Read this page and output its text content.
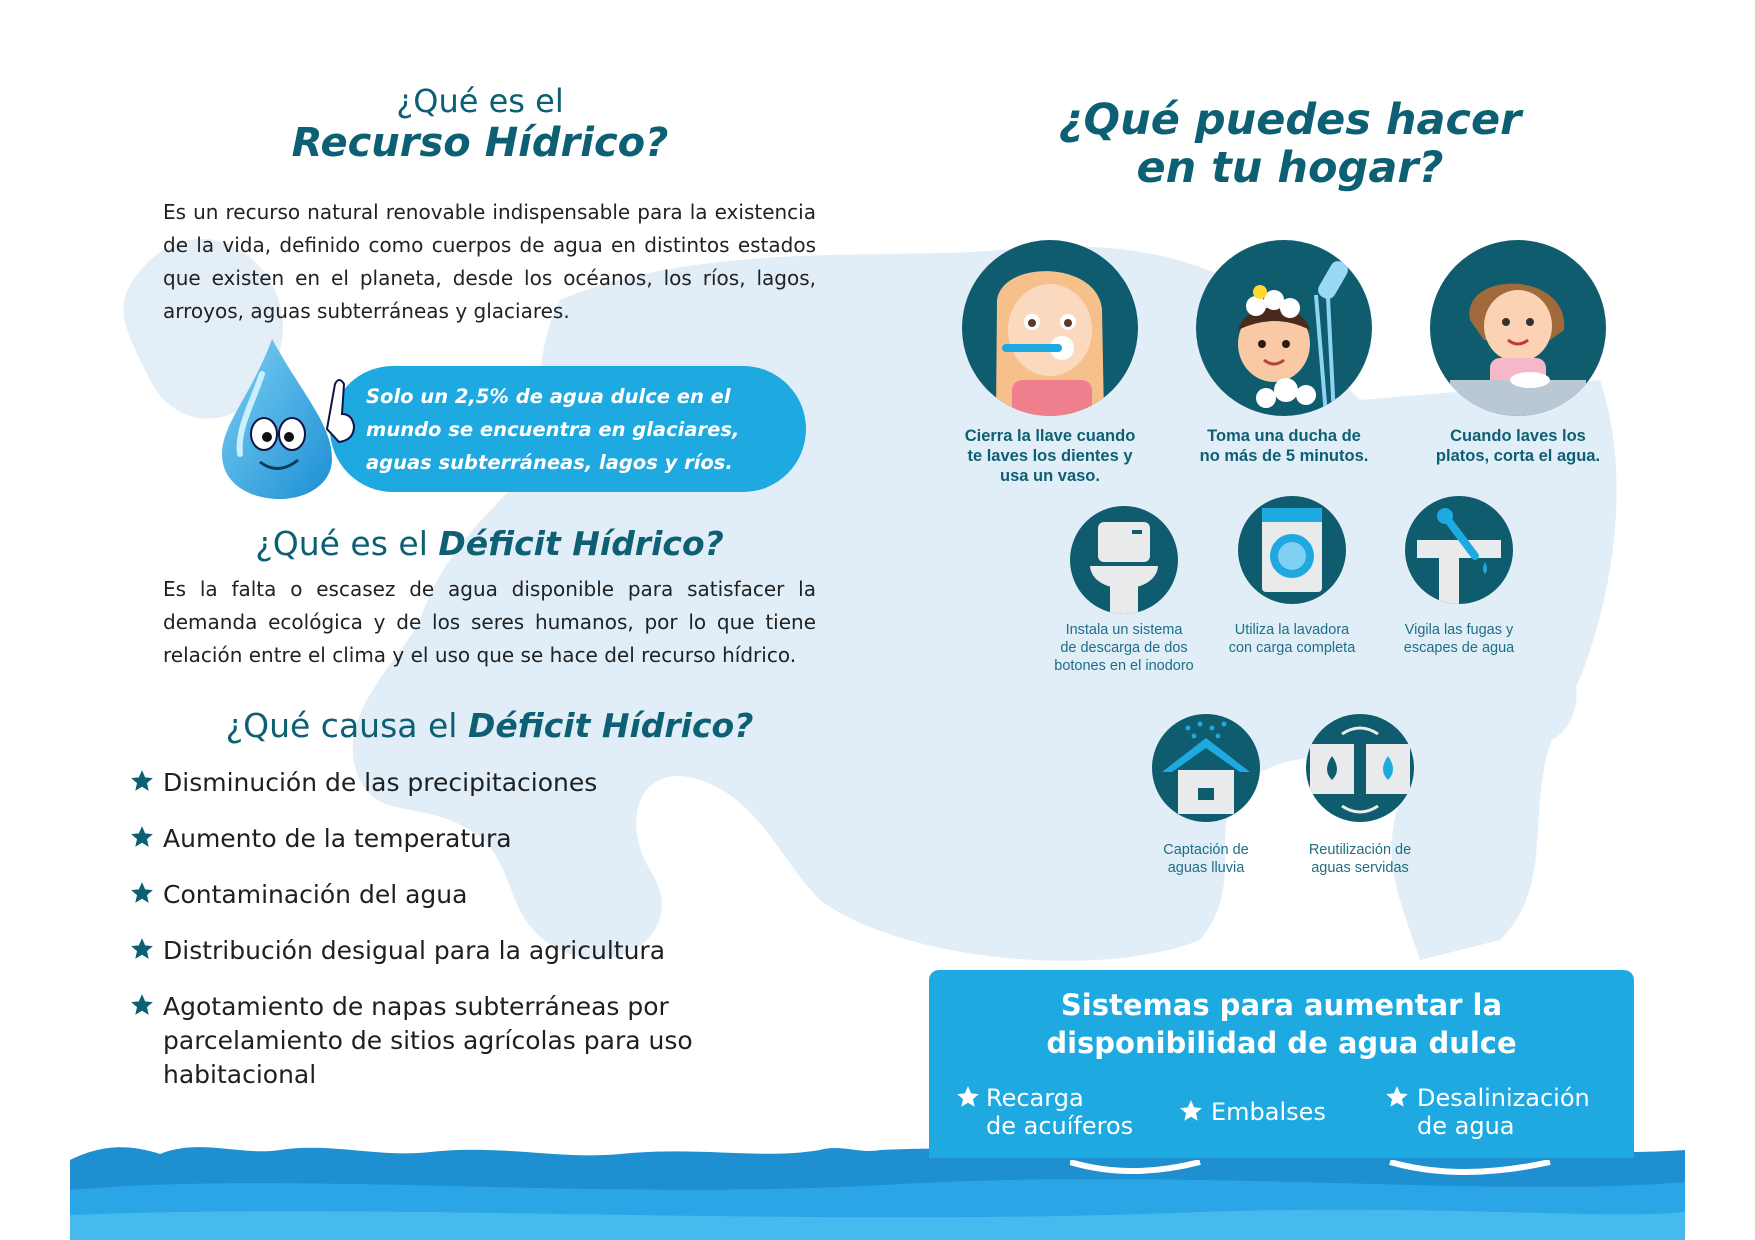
¿Qué es el
Recurso Hídrico?
Es un recurso natural renovable indispensable para la existencia de la vida, definido como cuerpos de agua en distintos estados que existen en el planeta, desde los océanos, los ríos, lagos, arroyos, aguas subterráneas y glaciares.
Solo un 2,5% de agua dulce en el
mundo se encuentra en glaciares,
aguas subterráneas, lagos y ríos.
¿Qué es el Déficit Hídrico?
Es la falta o escasez de agua disponible para satisfacer la demanda ecológica y de los seres humanos, por lo que tiene relación entre el clima y el uso que se hace del recurso hídrico.
¿Qué causa el Déficit Hídrico?
Disminución de las precipitaciones
Aumento de la temperatura
Contaminación del agua
Distribución desigual para la agricultura
Agotamiento de napas subterráneas por parcelamiento de sitios agrícolas para uso habitacional
¿Qué puedes hacer
en tu hogar?
Cierra la llave cuando
te laves los dientes y
usa un vaso.
Toma una ducha de
no más de 5 minutos.
Cuando laves los
platos, corta el agua.
Instala un sistema
de descarga de dos
botones en el inodoro
Utiliza la lavadora
con carga completa
Vigila las fugas y
escapes de agua
Captación de
aguas lluvia
Reutilización de
aguas servidas
Sistemas para aumentar la
disponibilidad de agua dulce
Recarga
de acuíferos	Embalses	Desalinización
de agua
